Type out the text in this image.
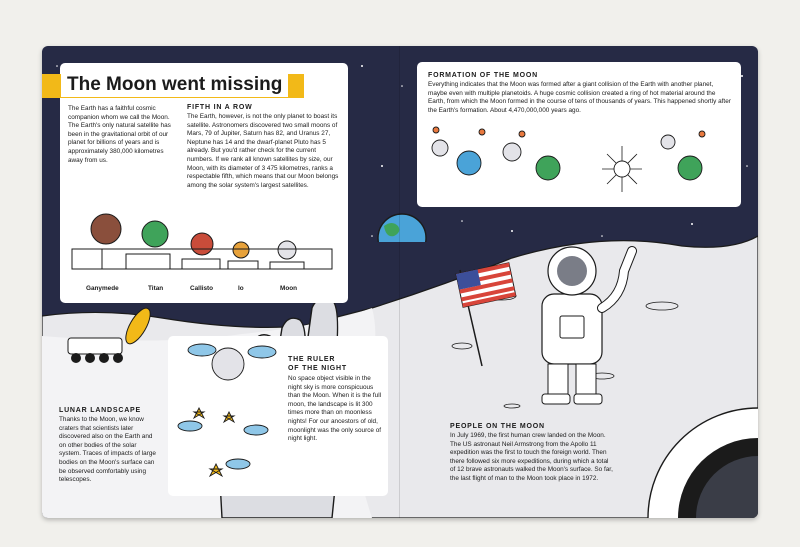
The Moon went missing
The Earth has a faithful cosmic companion whom we call the Moon. The Earth's only natural satellite has been in the gravitational orbit of our planet for billions of years and is approximately 380,000 kilometres away from us.
FIFTH IN A ROW
The Earth, however, is not the only planet to boast its satellite. Astronomers discovered two small moons of Mars, 79 of Jupiter, Saturn has 82, and Uranus 27, Neptune has 14 and the dwarf-planet Pluto has 5 already. But you'd rather check for the current numbers. If we rank all known satellites by size, our Moon, with its diameter of 3 475 kilometres, ranks a respectable fifth, which means that our Moon belongs among the solar system's largest satellites.
Ganymede	Titan	Callisto	Io	Moon
FORMATION OF THE MOON
Everything indicates that the Moon was formed after a giant collision of the Earth with another planet, maybe even with multiple planetoids. A huge cosmic collision created a ring of hot material around the Earth, from which the Moon formed in the course of tens of thousands of years. This happened shortly after the Earth's formation. About 4,470,000,000 years ago.
THE RULER
OF THE NIGHT
No space object visible in the night sky is more conspicuous than the Moon. When it is the full moon, the landscape is lit 300 times more than on moonless nights! For our ancestors of old, moonlight was the only source of night light.
LUNAR LANDSCAPE
Thanks to the Moon, we know craters that scientists later discovered also on the Earth and on other bodies of the solar system. Traces of impacts of large bodies on the Moon's surface can be observed comfortably using telescopes.
PEOPLE ON THE MOON
In July 1969, the first human crew landed on the Moon. The US astronaut Neil Armstrong from the Apollo 11 expedition was the first to touch the foreign world. Then there followed six more expeditions, during which a total of 12 brave astronauts walked the Moon's surface. So far, the last flight of man to the Moon took place in 1972.
